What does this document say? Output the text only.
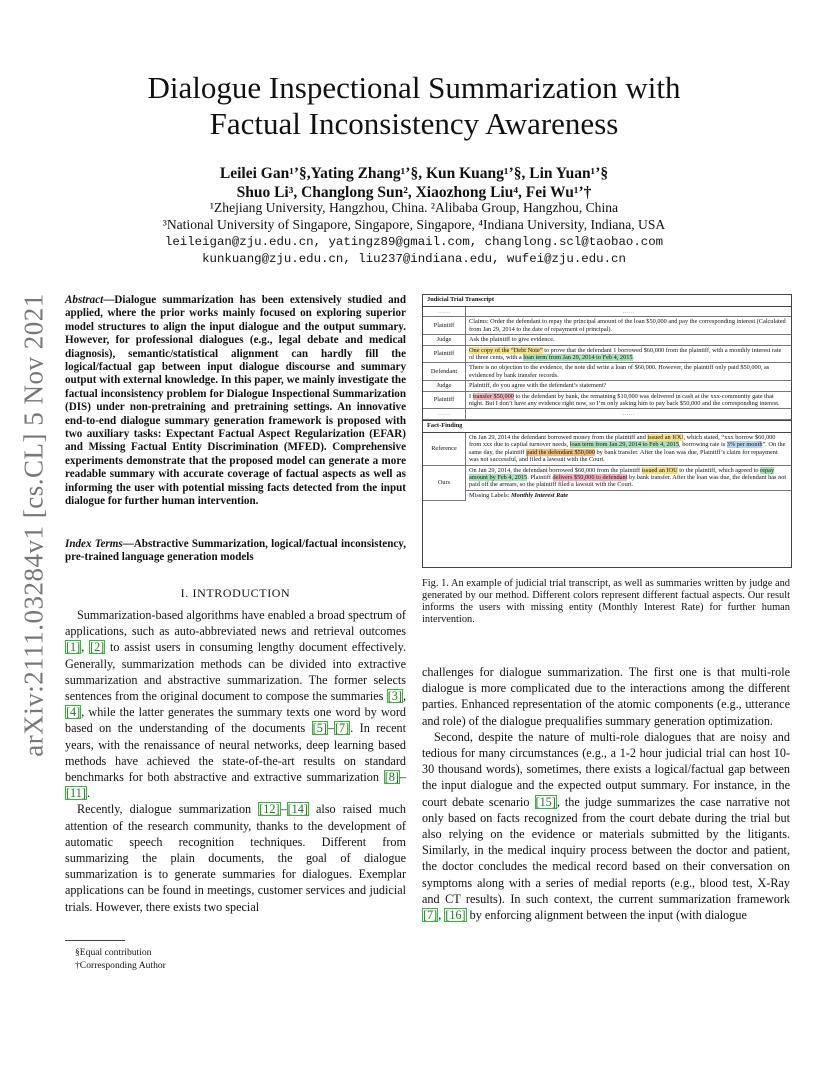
arXiv:2111.03284v1 [cs.CL] 5 Nov 2021
Dialogue Inspectional Summarization with
Factual Inconsistency Awareness
Leilei Gan¹ʼ§,Yating Zhang¹ʼ§, Kun Kuang¹ʼ§, Lin Yuan¹ʼ§
Shuo Li³, Changlong Sun², Xiaozhong Liu⁴, Fei Wu¹ʼ†
¹Zhejiang University, Hangzhou, China. ²Alibaba Group, Hangzhou, China
³National University of Singapore, Singapore, Singapore, ⁴Indiana University, Indiana, USA
leileigan@zju.edu.cn, yatingz89@gmail.com, changlong.scl@taobao.com
kunkuang@zju.edu.cn, liu237@indiana.edu, wufei@zju.edu.cn
Abstract—Dialogue summarization has been extensively studied and applied, where the prior works mainly focused on exploring superior model structures to align the input dialogue and the output summary. However, for professional dialogues (e.g., legal debate and medical diagnosis), semantic/statistical alignment can hardly fill the logical/factual gap between input dialogue discourse and summary output with external knowledge. In this paper, we mainly investigate the factual inconsistency problem for Dialogue Inspectional Summarization (DIS) under non-pretraining and pretraining settings. An innovative end-to-end dialogue summary generation framework is proposed with two auxiliary tasks: Expectant Factual Aspect Regularization (EFAR) and Missing Factual Entity Discrimination (MFED). Comprehensive experiments demonstrate that the proposed model can generate a more readable summary with accurate coverage of factual aspects as well as informing the user with potential missing facts detected from the input dialogue for further human intervention.
Index Terms—Abstractive Summarization, logical/factual inconsistency, pre-trained language generation models
I. INTRODUCTION

Summarization-based algorithms have enabled a broad spectrum of applications, such as auto-abbreviated news and retrieval outcomes [1], [2] to assist users in consuming lengthy document effectively. Generally, summarization methods can be divided into extractive summarization and abstractive summarization. The former selects sentences from the original document to compose the summaries [3], [4], while the latter generates the summary texts one word by word based on the understanding of the documents [5]–[7]. In recent years, with the renaissance of neural networks, deep learning based methods have achieved the state-of-the-art results on standard benchmarks for both abstractive and extractive summarization [8]–[11].

Recently, dialogue summarization [12]–[14] also raised much attention of the research community, thanks to the development of automatic speech recognition techniques. Different from summarizing the plain documents, the goal of dialogue summarization is to generate summaries for dialogues. Exemplar applications can be found in meetings, customer services and judicial trials. However, there exists two special

§Equal contribution
†Corresponding Author
Judicial Trial Transcript
……	……
Plaintiff	Claims: Order the defendant to repay the principal amount of the loan $50,000 and pay the corresponding interest (Calculated from Jan 29, 2014 to the date of repayment of principal).
Judge	Ask the plaintiff to give evidence.
Plaintiff	One copy of the “Debt Note” to prove that the defendant 1 borrowed $60,000 from the plaintiff, with a monthly interest rate of three cents, with a loan term from Jan 29, 2014 to Feb 4, 2015.
Defendant	There is no objection to the evidence, the note did write a loan of $60,000. However, the plaintiff only paid $50,000, as evidenced by bank transfer records.
Judge	Plaintiff, do you agree with the defendant’s statement?
Plaintiff	I transfer $50,000 to the defendant by bank, the remaining $10,000 was delivered in cash at the xxx-community gate that night. But I don’t have any evidence right now, so I’m only asking him to pay back $50,000 and the corresponding interest.
……	……
Fact-Finding
Reference	On Jan 29, 2014 the defendant borrowed money from the plaintiff and issued an IOU, which stated, “xxx borrow $60,000 from xxx due to capital turnover needs, loan term from Jan 29, 2014 to Feb 4, 2015, borrowing rate is 3% per month”. On the same day, the plaintiff paid the defendant $50,000 by bank transfer. After the loan was due, Plaintiff’s claim for repayment was not successful, and filed a lawsuit with the Court.
Ours	On Jan 29, 2014, the defendant borrowed $60,000 from the plaintiff issued an IOU to the plaintiff, which agreed to repay amount by Feb 4, 2015. Plaintiff delivers $50,000 to defendant by bank transfer. After the loan was due, the defendant has not paid off the arrears, so the plaintiff filed a lawsuit with the Court.
	Missing Labels: Monthly Interest Rate
Fig. 1. An example of judicial trial transcript, as well as summaries written by judge and generated by our method. Different colors represent different factual aspects. Our result informs the users with missing entity (Monthly Interest Rate) for further human intervention.

challenges for dialogue summarization. The first one is that multi-role dialogue is more complicated due to the interactions among the different parties. Enhanced representation of the atomic components (e.g., utterance and role) of the dialogue prequalifies summary generation optimization.

Second, despite the nature of multi-role dialogues that are noisy and tedious for many circumstances (e.g., a 1-2 hour judicial trial can host 10-30 thousand words), sometimes, there exists a logical/factual gap between the input dialogue and the expected output summary. For instance, in the court debate scenario [15], the judge summarizes the case narrative not only based on facts recognized from the court debate during the trial but also relying on the evidence or materials submitted by the litigants. Similarly, in the medical inquiry process between the doctor and patient, the doctor concludes the medical record based on their conversation on symptoms along with a series of medial reports (e.g., blood test, X-Ray and CT results). In such context, the current summarization framework [7], [16] by enforcing alignment between the input (with dialogue
